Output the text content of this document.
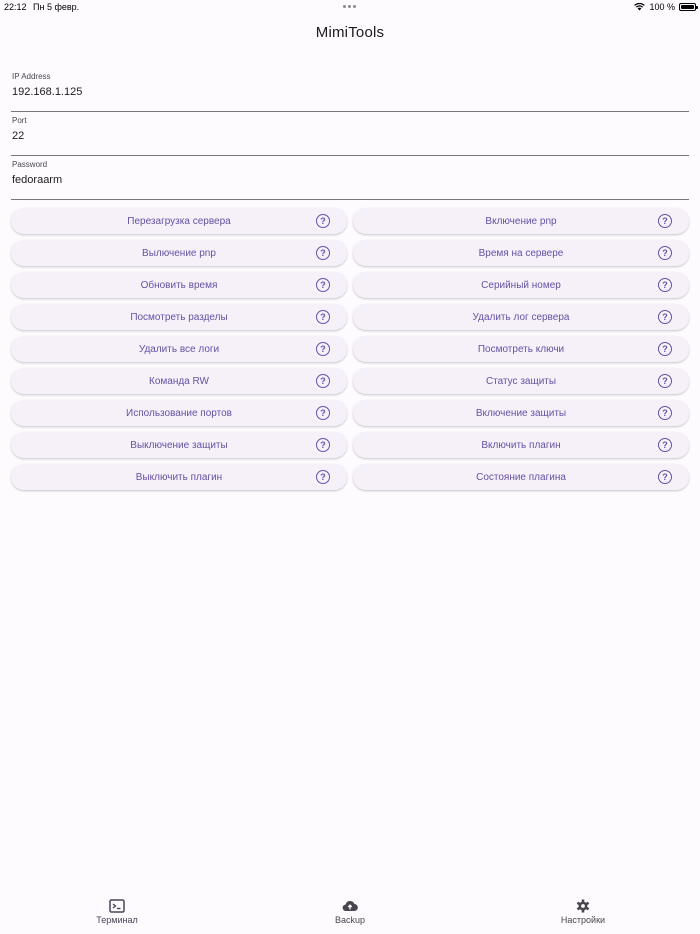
22:12 Пн 5 февр.	100 %
MimiTools
IP Address
192.168.1.125
Port
22
Password
fedoraarm
Перезагрузка сервера	?	Включение pnp	?
Вылючение pnp	?	Время на сервере	?
Обновить время	?	Серийный номер	?
Посмотреть разделы	?	Удалить лог сервера	?
Удалить все логи	?	Посмотреть ключи	?
Команда RW	?	Статус защиты	?
Использование портов	?	Включение защиты	?
Выключение защиты	?	Включить плагин	?
Выключить плагин	?	Состояние плагина	?
Терминал	Backup	Настройки
